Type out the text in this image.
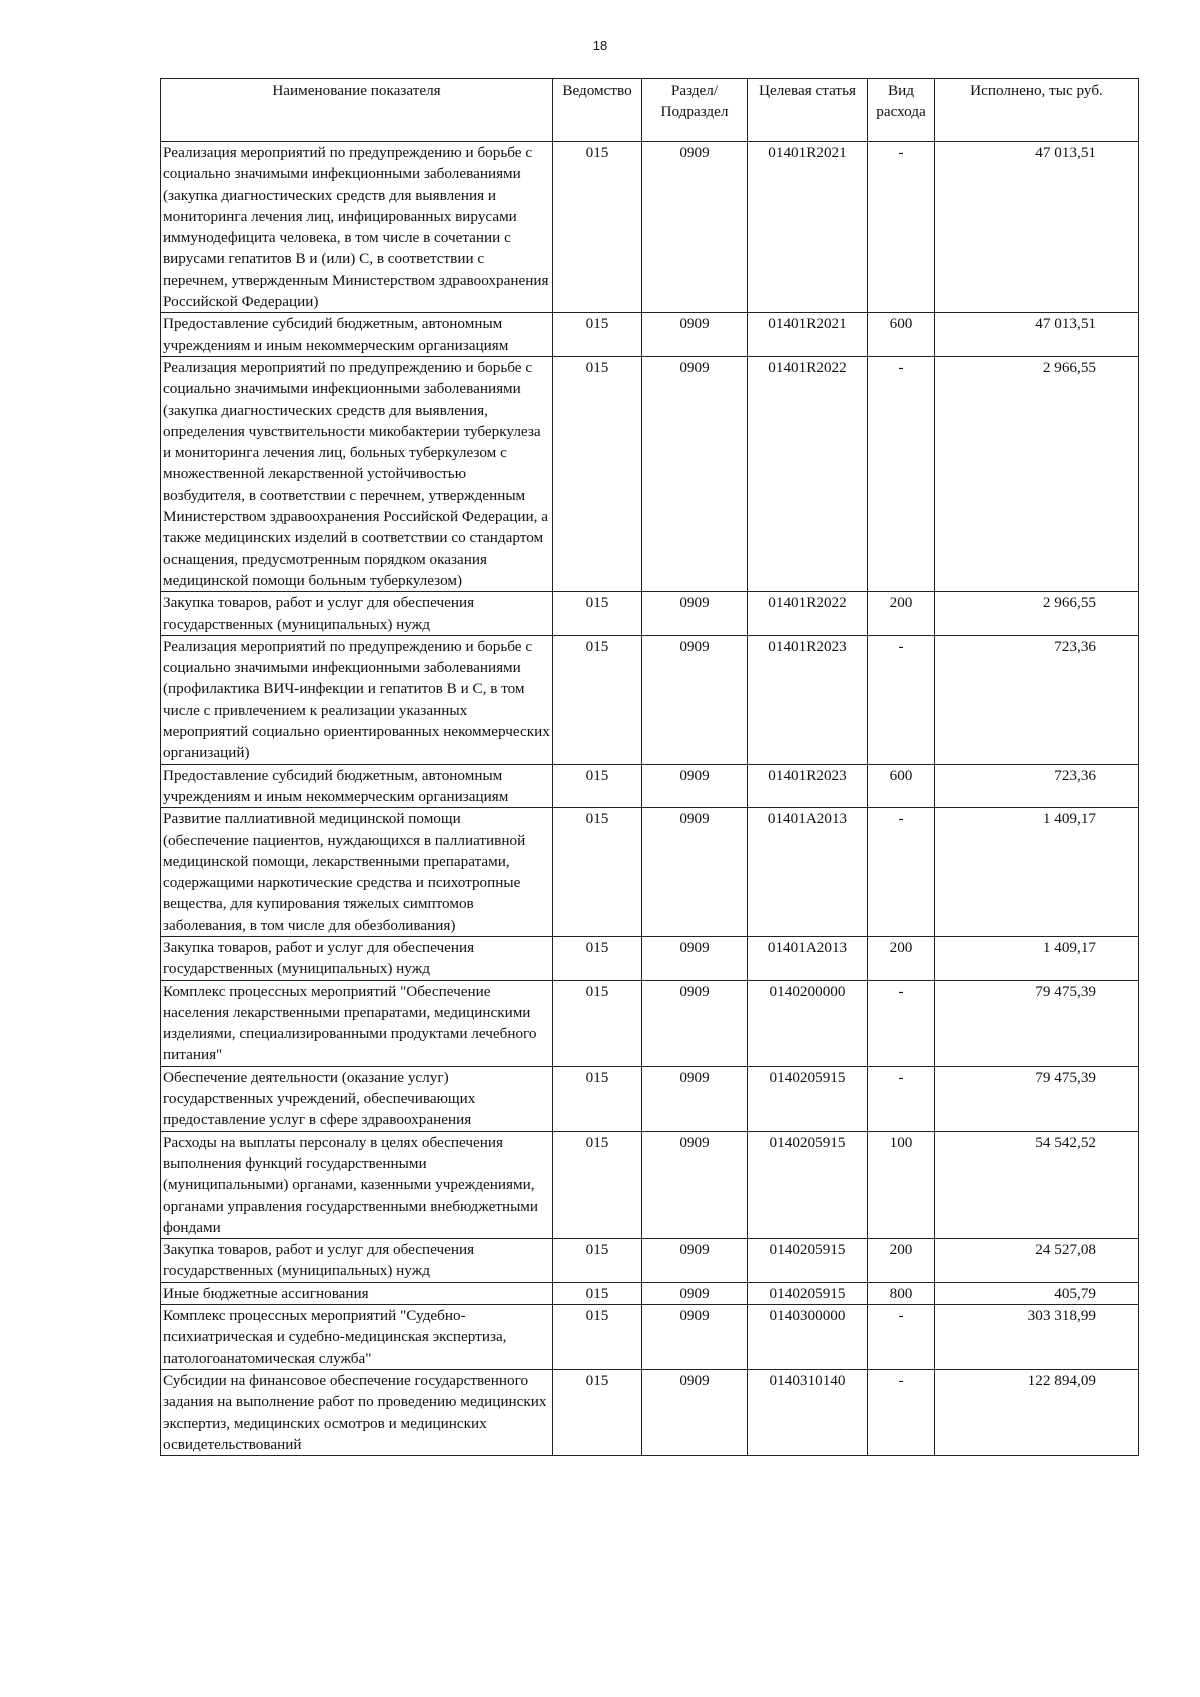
18
Наименование показателя	Ведомство	Раздел/ Подраздел	Целевая статья	Вид расхода	Исполнено, тыс руб.
Реализация мероприятий по предупреждению и борьбе с социально значимыми инфекционными заболеваниями (закупка диагностических средств для выявления и мониторинга лечения лиц, инфицированных вирусами иммунодефицита человека, в том числе в сочетании с вирусами гепатитов B и (или) C, в соответствии с перечнем, утвержденным Министерством здравоохранения Российской Федерации)	015	0909	01401R2021	-	47 013,51
Предоставление субсидий бюджетным, автономным учреждениям и иным некоммерческим организациям	015	0909	01401R2021	600	47 013,51
Реализация мероприятий по предупреждению и борьбе с социально значимыми инфекционными заболеваниями (закупка диагностических средств для выявления, определения чувствительности микобактерии туберкулеза и мониторинга лечения лиц, больных туберкулезом с множественной лекарственной устойчивостью возбудителя, в соответствии с перечнем, утвержденным Министерством здравоохранения Российской Федерации, а также медицинских изделий в соответствии со стандартом оснащения, предусмотренным порядком оказания медицинской помощи больным туберкулезом)	015	0909	01401R2022	-	2 966,55
Закупка товаров, работ и услуг для обеспечения государственных (муниципальных) нужд	015	0909	01401R2022	200	2 966,55
Реализация мероприятий по предупреждению и борьбе с социально значимыми инфекционными заболеваниями (профилактика ВИЧ-инфекции и гепатитов B и C, в том числе с привлечением к реализации указанных мероприятий социально ориентированных некоммерческих организаций)	015	0909	01401R2023	-	723,36
Предоставление субсидий бюджетным, автономным учреждениям и иным некоммерческим организациям	015	0909	01401R2023	600	723,36
Развитие паллиативной медицинской помощи (обеспечение пациентов, нуждающихся в паллиативной медицинской помощи, лекарственными препаратами, содержащими наркотические средства и психотропные вещества, для купирования тяжелых симптомов заболевания, в том числе для обезболивания)	015	0909	01401A2013	-	1 409,17
Закупка товаров, работ и услуг для обеспечения государственных (муниципальных) нужд	015	0909	01401A2013	200	1 409,17
Комплекс процессных мероприятий "Обеспечение населения лекарственными препаратами, медицинскими изделиями, специализированными продуктами лечебного питания"	015	0909	0140200000	-	79 475,39
Обеспечение деятельности (оказание услуг) государственных учреждений, обеспечивающих предоставление услуг в сфере здравоохранения	015	0909	0140205915	-	79 475,39
Расходы на выплаты персоналу в целях обеспечения выполнения функций государственными (муниципальными) органами, казенными учреждениями, органами управления государственными внебюджетными фондами	015	0909	0140205915	100	54 542,52
Закупка товаров, работ и услуг для обеспечения государственных (муниципальных) нужд	015	0909	0140205915	200	24 527,08
Иные бюджетные ассигнования	015	0909	0140205915	800	405,79
Комплекс процессных мероприятий "Судебно-психиатрическая и судебно-медицинская экспертиза, патологоанатомическая служба"	015	0909	0140300000	-	303 318,99
Субсидии на финансовое обеспечение государственного задания на выполнение работ по проведению медицинских экспертиз, медицинских осмотров и медицинских освидетельствований	015	0909	0140310140	-	122 894,09
